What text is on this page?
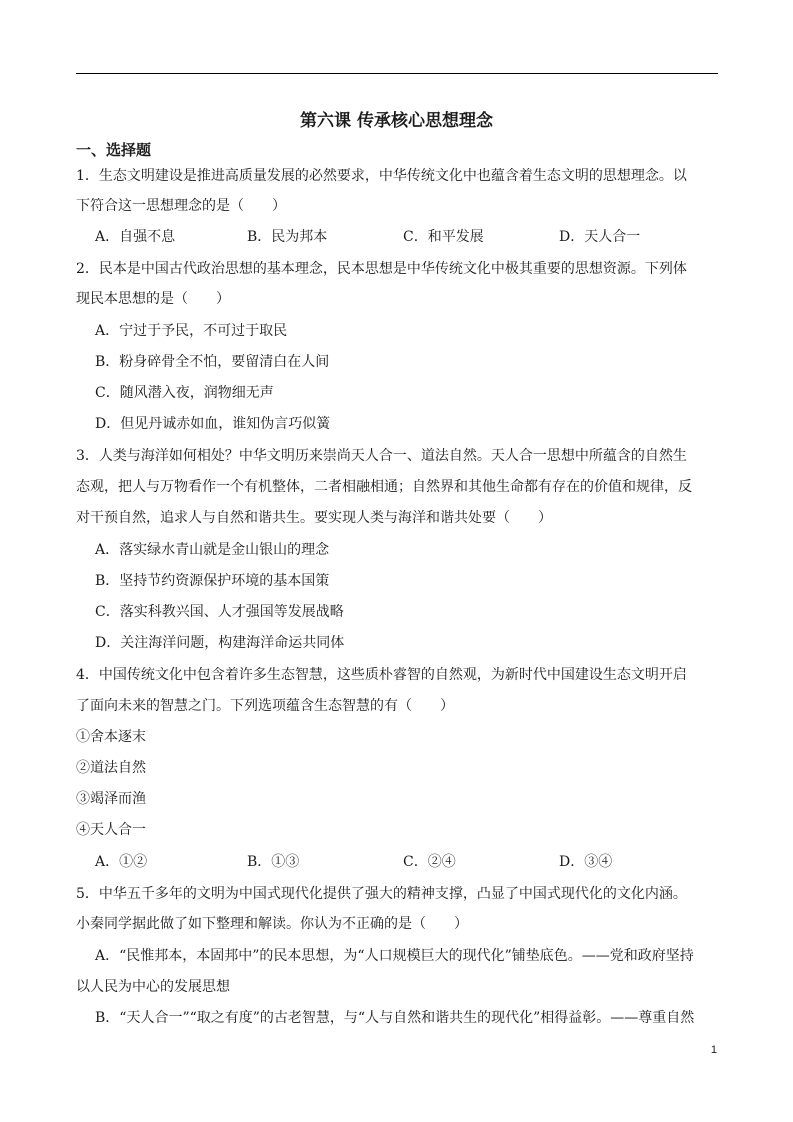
第六课 传承核心思想理念
一、选择题
1．生态文明建设是推进高质量发展的必然要求，中华传统文化中也蕴含着生态文明的思想理念。以
下符合这一思想理念的是（　　）
A．自强不息	B．民为邦本	C．和平发展	D．天人合一
2．民本是中国古代政治思想的基本理念，民本思想是中华传统文化中极其重要的思想资源。下列体
现民本思想的是（　　）
A．宁过于予民，不可过于取民
B．粉身碎骨全不怕，要留清白在人间
C．随风潜入夜，润物细无声
D．但见丹诚赤如血，谁知伪言巧似簧
3．人类与海洋如何相处？中华文明历来崇尚天人合一、道法自然。天人合一思想中所蕴含的自然生
态观，把人与万物看作一个有机整体，二者相融相通；自然界和其他生命都有存在的价值和规律，反
对干预自然，追求人与自然和谐共生。要实现人类与海洋和谐共处要（　　）
A．落实绿水青山就是金山银山的理念
B．坚持节约资源保护环境的基本国策
C．落实科教兴国、人才强国等发展战略
D．关注海洋问题，构建海洋命运共同体
4．中国传统文化中包含着许多生态智慧，这些质朴睿智的自然观，为新时代中国建设生态文明开启
了面向未来的智慧之门。下列选项蕴含生态智慧的有（　　）
①舍本逐末
②道法自然
③竭泽而渔
④天人合一
A．①②	B．①③	C．②④	D．③④
5．中华五千多年的文明为中国式现代化提供了强大的精神支撑，凸显了中国式现代化的文化内涵。
小秦同学据此做了如下整理和解读。你认为不正确的是（　　）
A．“民惟邦本，本固邦中”的民本思想，为“人口规模巨大的现代化”铺垫底色。——党和政府坚持
以人民为中心的发展思想
B．“天人合一”“取之有度”的古老智慧，与“人与自然和谐共生的现代化”相得益彰。——尊重自然
1
